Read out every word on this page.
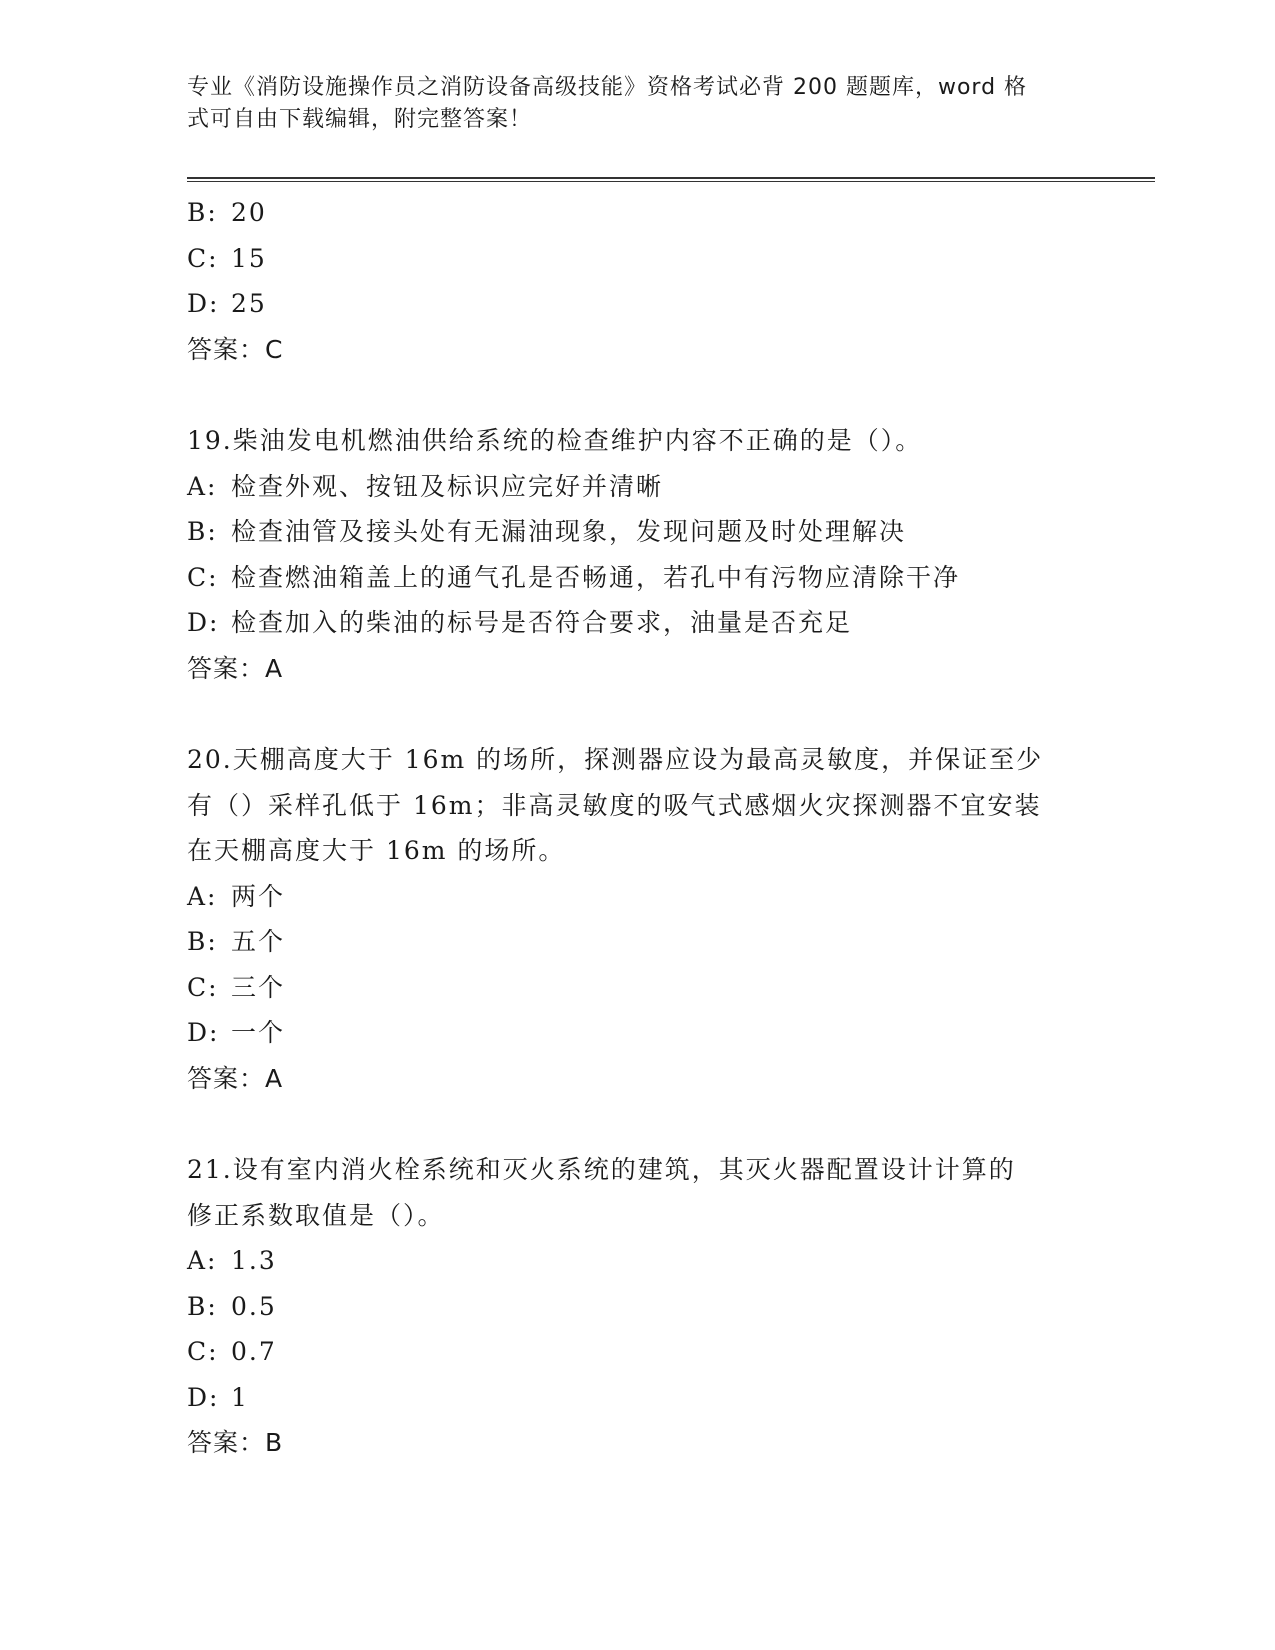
专业《消防设施操作员之消防设备高级技能》资格考试必背 200 题题库，word 格
式可自由下载编辑，附完整答案！
B: 20
C: 15
D: 25
答案：C
19.柴油发电机燃油供给系统的检查维护内容不正确的是（）。
A: 检查外观、按钮及标识应完好并清晰
B: 检查油管及接头处有无漏油现象，发现问题及时处理解决
C: 检查燃油箱盖上的通气孔是否畅通，若孔中有污物应清除干净
D: 检查加入的柴油的标号是否符合要求，油量是否充足
答案：A
20.天棚高度大于 16m 的场所，探测器应设为最高灵敏度，并保证至少
有（）采样孔低于 16m；非高灵敏度的吸气式感烟火灾探测器不宜安装
在天棚高度大于 16m 的场所。
A: 两个
B: 五个
C: 三个
D: 一个
答案：A
21.设有室内消火栓系统和灭火系统的建筑，其灭火器配置设计计算的
修正系数取值是（）。
A: 1.3
B: 0.5
C: 0.7
D: 1
答案：B
